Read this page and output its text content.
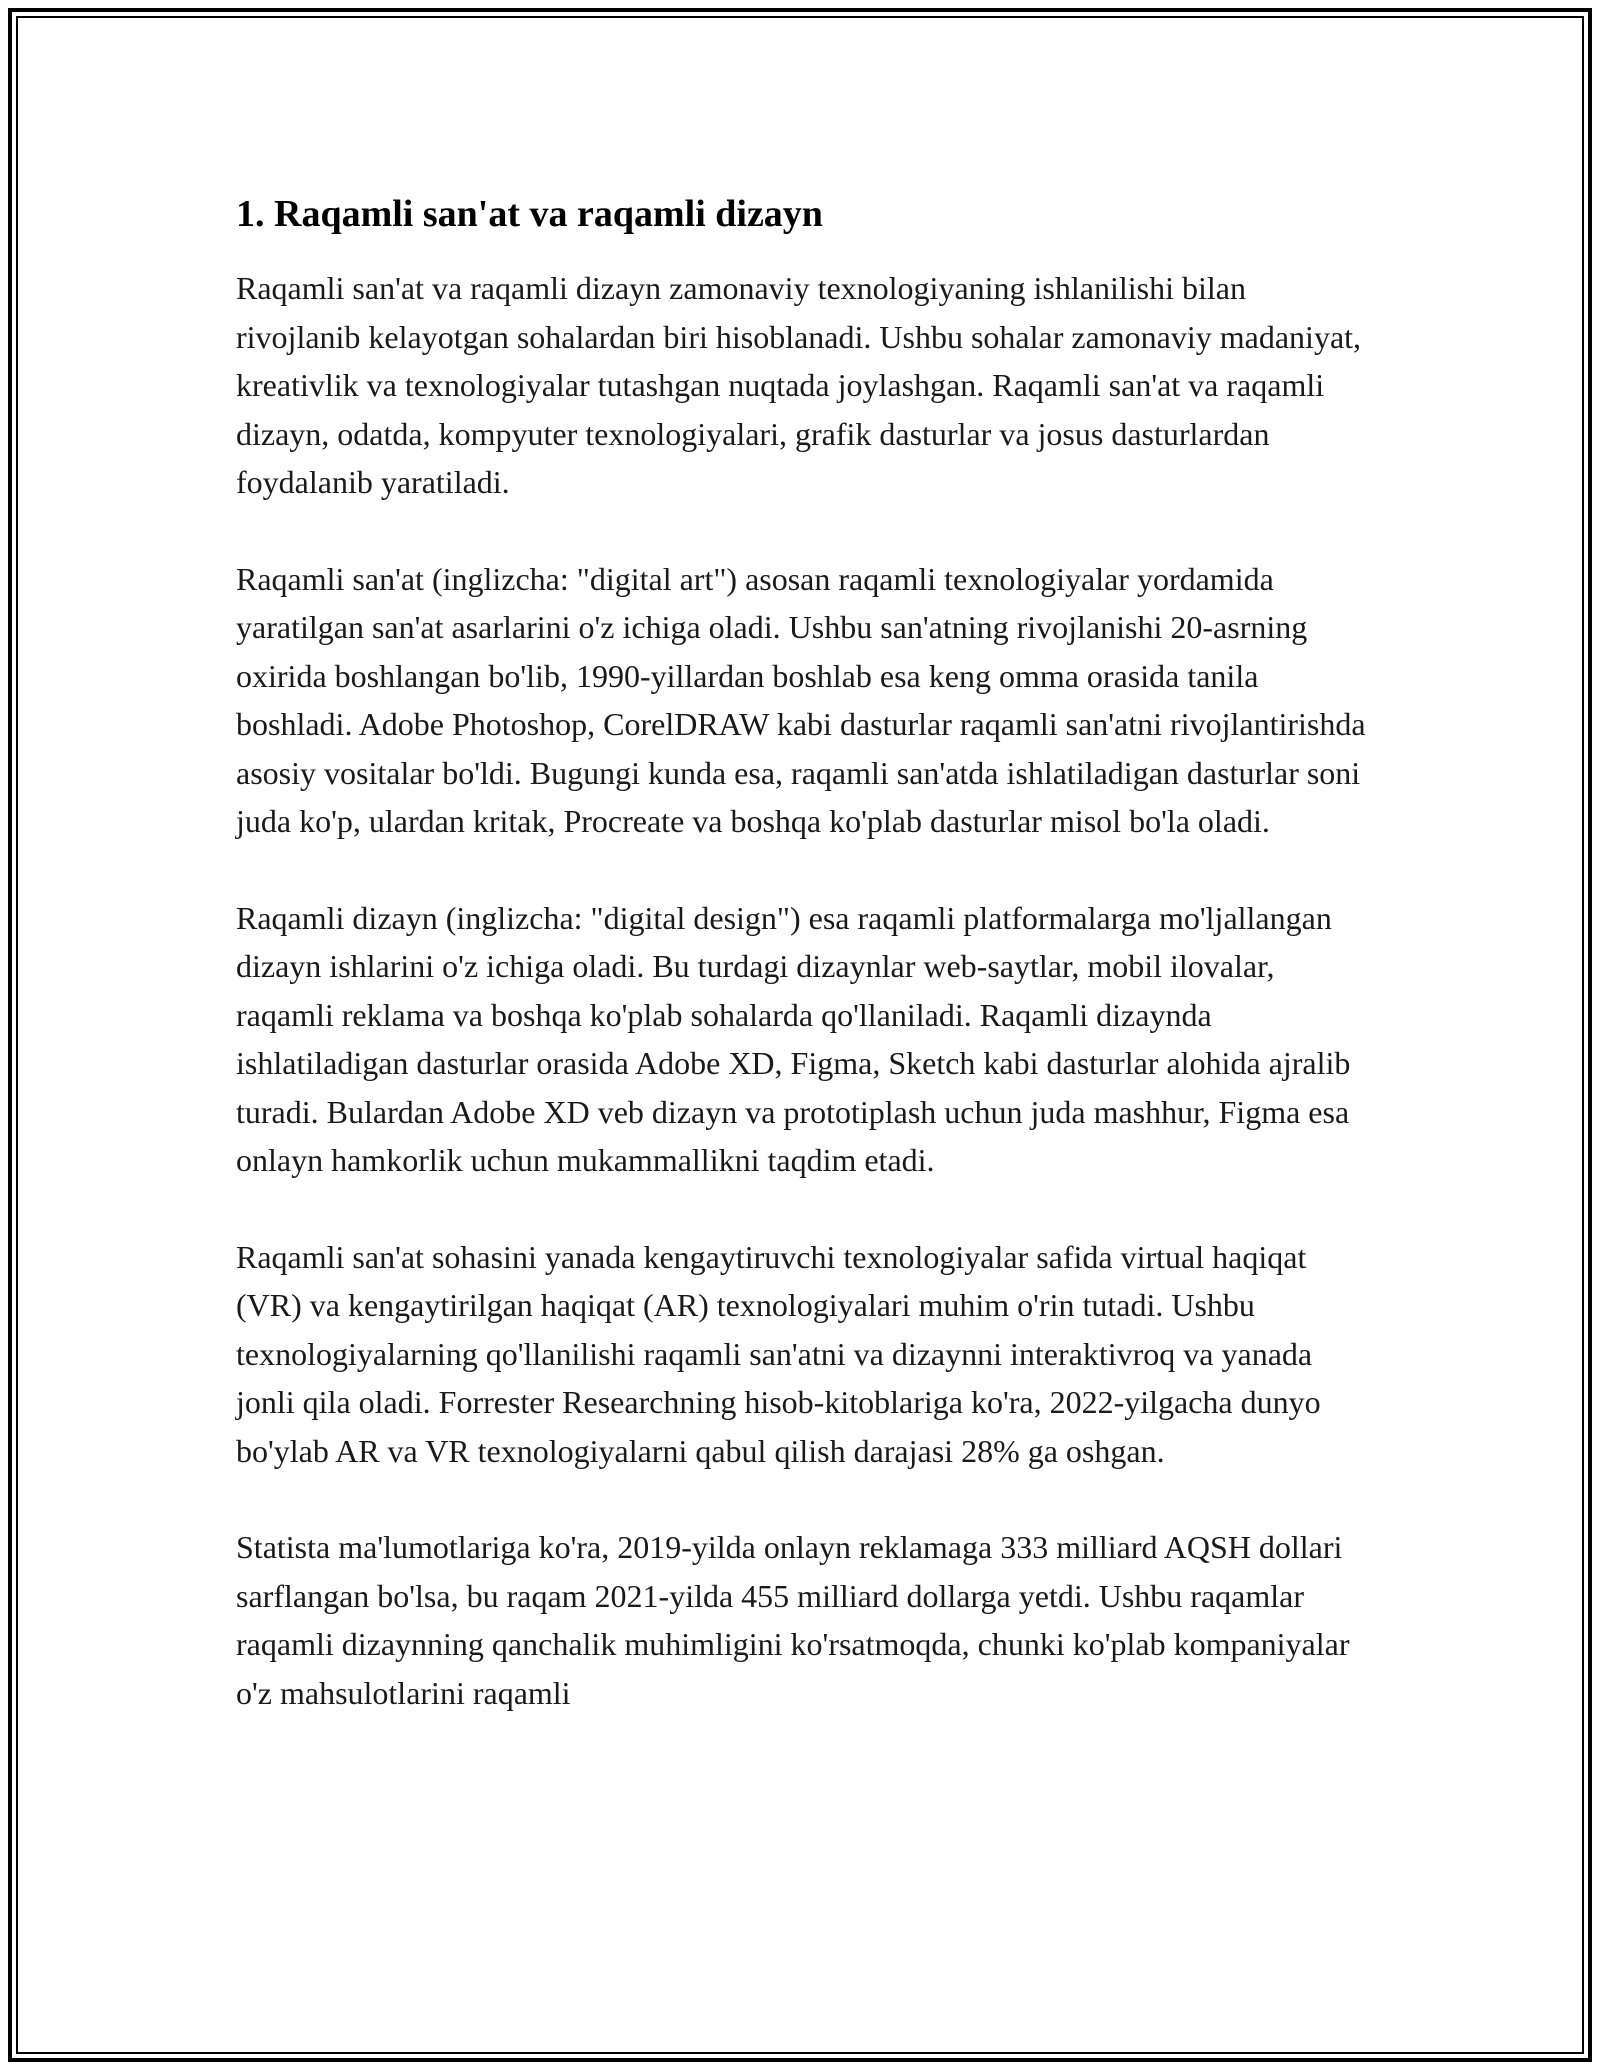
1. Raqamli san'at va raqamli dizayn

Raqamli san'at va raqamli dizayn zamonaviy texnologiyaning ishlanilishi bilan rivojlanib kelayotgan sohalardan biri hisoblanadi. Ushbu sohalar zamonaviy madaniyat, kreativlik va texnologiyalar tutashgan nuqtada joylashgan. Raqamli san'at va raqamli dizayn, odatda, kompyuter texnologiyalari, grafik dasturlar va josus dasturlardan foydalanib yaratiladi.

Raqamli san'at (inglizcha: "digital art") asosan raqamli texnologiyalar yordamida yaratilgan san'at asarlarini o'z ichiga oladi. Ushbu san'atning rivojlanishi 20-asrning oxirida boshlangan bo'lib, 1990-yillardan boshlab esa keng omma orasida tanila boshladi. Adobe Photoshop, CorelDRAW kabi dasturlar raqamli san'atni rivojlantirishda asosiy vositalar bo'ldi. Bugungi kunda esa, raqamli san'atda ishlatiladigan dasturlar soni juda ko'p, ulardan kritak, Procreate va boshqa ko'plab dasturlar misol bo'la oladi.

Raqamli dizayn (inglizcha: "digital design") esa raqamli platformalarga mo'ljallangan dizayn ishlarini o'z ichiga oladi. Bu turdagi dizaynlar web-saytlar, mobil ilovalar, raqamli reklama va boshqa ko'plab sohalarda qo'llaniladi. Raqamli dizaynda ishlatiladigan dasturlar orasida Adobe XD, Figma, Sketch kabi dasturlar alohida ajralib turadi. Bulardan Adobe XD veb dizayn va prototiplash uchun juda mashhur, Figma esa onlayn hamkorlik uchun mukammallikni taqdim etadi.

Raqamli san'at sohasini yanada kengaytiruvchi texnologiyalar safida virtual haqiqat (VR) va kengaytirilgan haqiqat (AR) texnologiyalari muhim o'rin tutadi. Ushbu texnologiyalarning qo'llanilishi raqamli san'atni va dizaynni interaktivroq va yanada jonli qila oladi. Forrester Researchning hisob-kitoblariga ko'ra, 2022-yilgacha dunyo bo'ylab AR va VR texnologiyalarni qabul qilish darajasi 28% ga oshgan.

Statista ma'lumotlariga ko'ra, 2019-yilda onlayn reklamaga 333 milliard AQSH dollari sarflangan bo'lsa, bu raqam 2021-yilda 455 milliard dollarga yetdi. Ushbu raqamlar raqamli dizaynning qanchalik muhimligini ko'rsatmoqda, chunki ko'plab kompaniyalar o'z mahsulotlarini raqamli
